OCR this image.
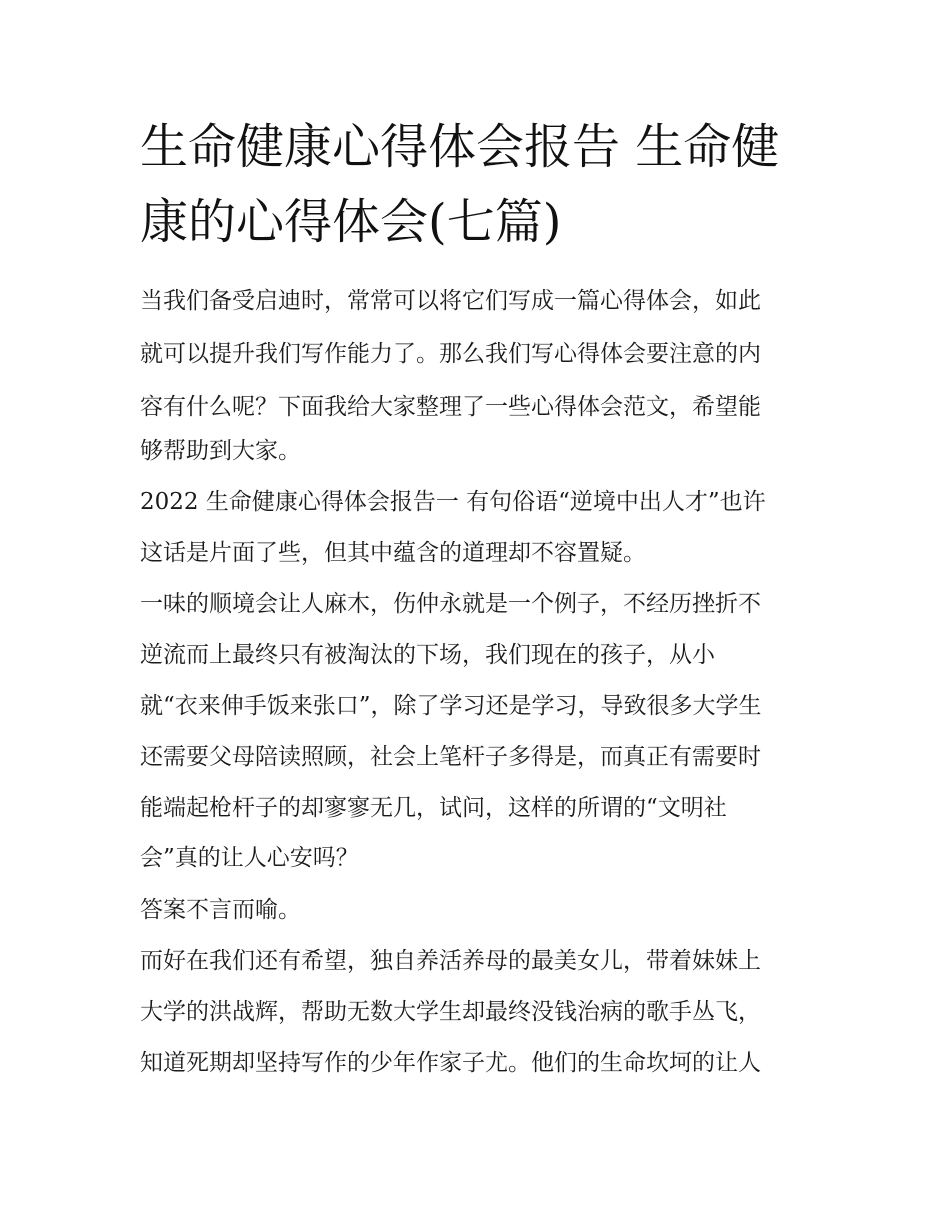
生命健康心得体会报告 生命健
康的心得体会(七篇)

当我们备受启迪时，常常可以将它们写成一篇心得体会，如此

就可以提升我们写作能力了。那么我们写心得体会要注意的内

容有什么呢？下面我给大家整理了一些心得体会范文，希望能

够帮助到大家。

2022 生命健康心得体会报告一 有句俗语“逆境中出人才”也许

这话是片面了些，但其中蕴含的道理却不容置疑。

一味的顺境会让人麻木，伤仲永就是一个例子，不经历挫折不

逆流而上最终只有被淘汰的下场，我们现在的孩子，从小

就“衣来伸手饭来张口”，除了学习还是学习，导致很多大学生

还需要父母陪读照顾，社会上笔杆子多得是，而真正有需要时

能端起枪杆子的却寥寥无几，试问，这样的所谓的“文明社

会”真的让人心安吗？

答案不言而喻。

而好在我们还有希望，独自养活养母的最美女儿，带着妹妹上

大学的洪战辉，帮助无数大学生却最终没钱治病的歌手丛飞，

知道死期却坚持写作的少年作家子尤。他们的生命坎坷的让人
